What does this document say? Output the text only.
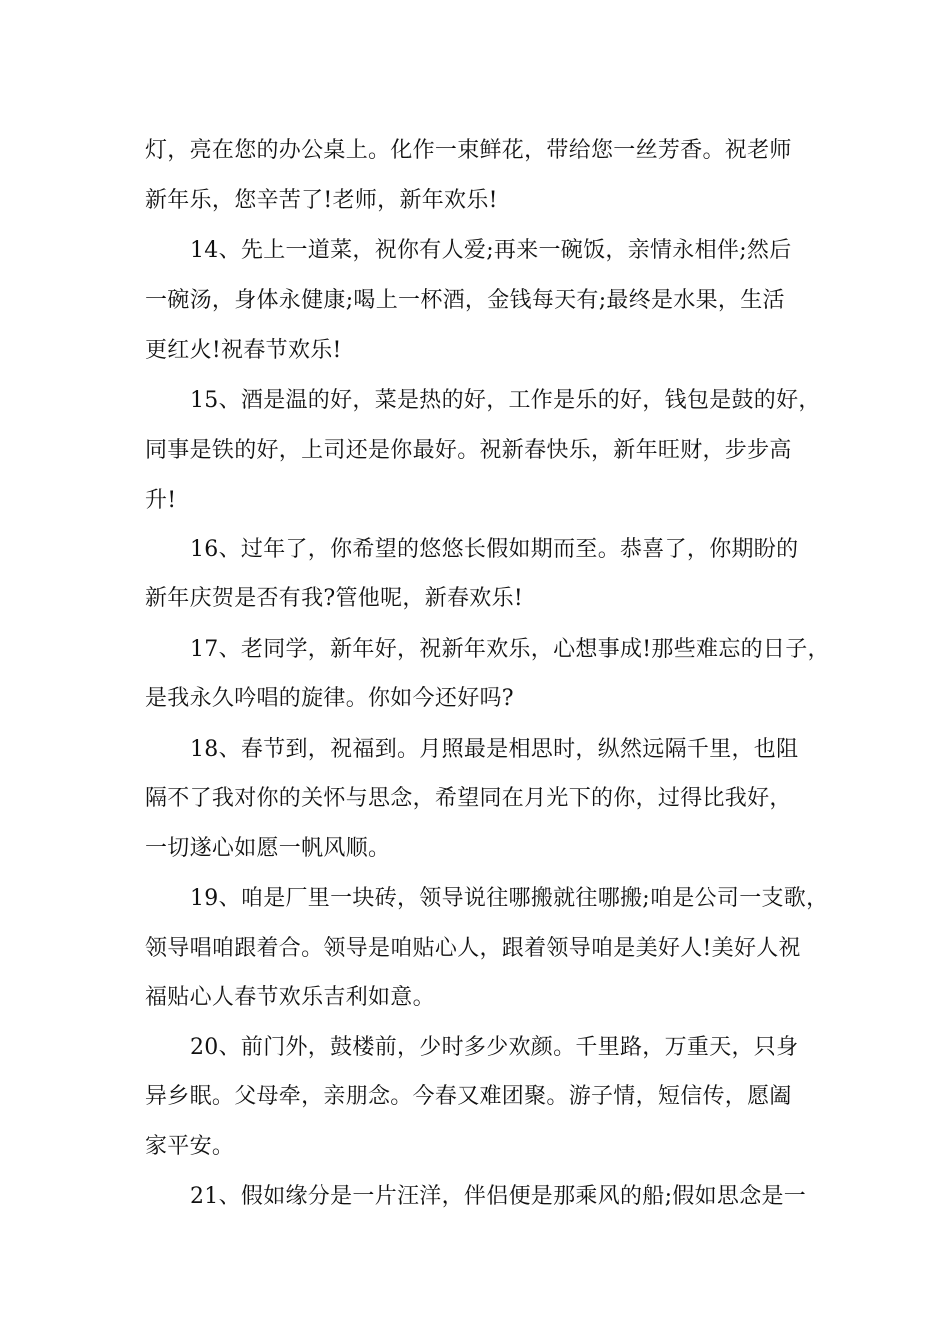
灯，亮在您的办公桌上。化作一束鲜花，带给您一丝芳香。祝老师
新年乐，您辛苦了!老师，新年欢乐!
14、先上一道菜，祝你有人爱;再来一碗饭，亲情永相伴;然后
一碗汤，身体永健康;喝上一杯酒，金钱每天有;最终是水果，生活
更红火!祝春节欢乐!
15、酒是温的好，菜是热的好，工作是乐的好，钱包是鼓的好，
同事是铁的好，上司还是你最好。祝新春快乐，新年旺财，步步高
升!
16、过年了，你希望的悠悠长假如期而至。恭喜了，你期盼的
新年庆贺是否有我?管他呢，新春欢乐!
17、老同学，新年好，祝新年欢乐，心想事成!那些难忘的日子，
是我永久吟唱的旋律。你如今还好吗?
18、春节到，祝福到。月照最是相思时，纵然远隔千里，也阻
隔不了我对你的关怀与思念，希望同在月光下的你，过得比我好，
一切遂心如愿一帆风顺。
19、咱是厂里一块砖，领导说往哪搬就往哪搬;咱是公司一支歌，
领导唱咱跟着合。领导是咱贴心人，跟着领导咱是美好人!美好人祝
福贴心人春节欢乐吉利如意。
20、前门外，鼓楼前，少时多少欢颜。千里路，万重天，只身
异乡眠。父母牵，亲朋念。今春又难团聚。游子情，短信传，愿阖
家平安。
21、假如缘分是一片汪洋，伴侣便是那乘风的船;假如思念是一
